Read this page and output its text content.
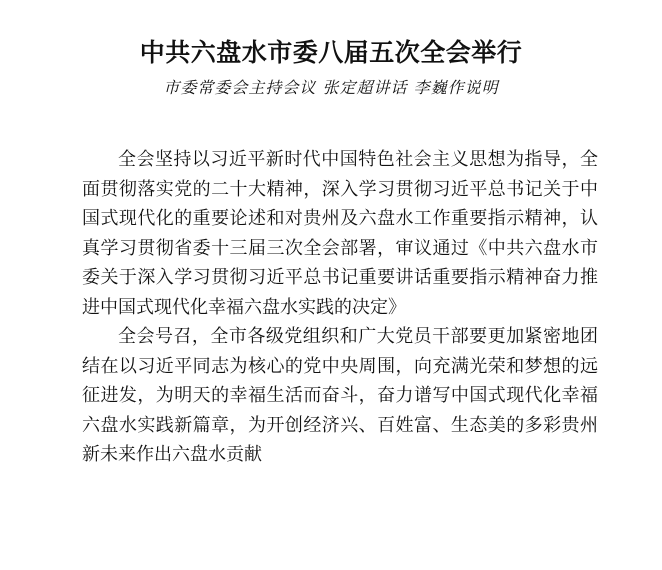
中共六盘水市委八届五次全会举行
市委常委会主持会议 张定超讲话 李巍作说明

全会坚持以习近平新时代中国特色社会主义思想为指导，全面贯彻落实党的二十大精神，深入学习贯彻习近平总书记关于中国式现代化的重要论述和对贵州及六盘水工作重要指示精神，认真学习贯彻省委十三届三次全会部署，审议通过《中共六盘水市委关于深入学习贯彻习近平总书记重要讲话重要指示精神奋力推进中国式现代化幸福六盘水实践的决定》

全会号召，全市各级党组织和广大党员干部要更加紧密地团结在以习近平同志为核心的党中央周围，向充满光荣和梦想的远征进发，为明天的幸福生活而奋斗，奋力谱写中国式现代化幸福六盘水实践新篇章，为开创经济兴、百姓富、生态美的多彩贵州新未来作出六盘水贡献
